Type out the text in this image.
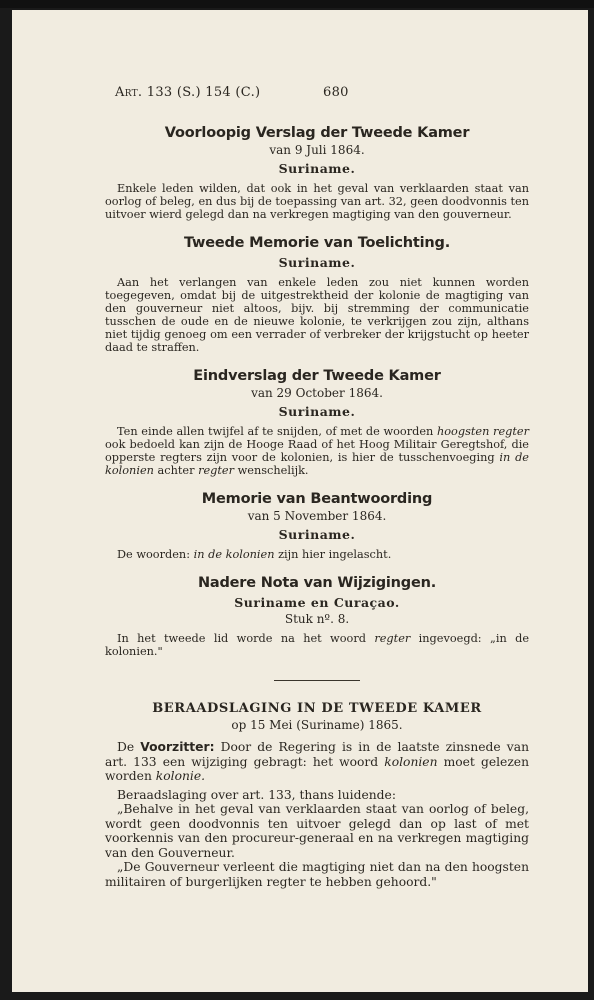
Art. 133 (S.) 154 (C.)	680

Voorloopig Verslag der Tweede Kamer

van 9 Juli 1864.

Suriname.

Enkele leden wilden, dat ook in het geval van verklaarden staat van oorlog of beleg, en dus bij de toepassing van art. 32, geen doodvonnis ten uitvoer wierd gelegd dan na verkregen magtiging van den gouverneur.

Tweede Memorie van Toelichting.

Suriname.

Aan het verlangen van enkele leden zou niet kunnen worden toegegeven, omdat bij de uitgestrektheid der kolonie de magtiging van den gouverneur niet altoos, bijv. bij stremming der communicatie tusschen de oude en de nieuwe kolonie, te verkrijgen zou zijn, althans niet tijdig genoeg om een verrader of verbreker der krijgstucht op heeter daad te straffen.

Eindverslag der Tweede Kamer

van 29 October 1864.

Suriname.

Ten einde allen twijfel af te snijden, of met de woorden hoogsten regter ook bedoeld kan zijn de Hooge Raad of het Hoog Militair Geregtshof, die opperste regters zijn voor de kolonien, is hier de tusschenvoeging in de kolonien achter regter wenschelijk.

Memorie van Beantwoording

van 5 November 1864.

Suriname.

De woorden: in de kolonien zijn hier ingelascht.

Nadere Nota van Wijzigingen.

Suriname en Curaçao.

Stuk nº. 8.

In het tweede lid worde na het woord regter ingevoegd: „in de kolonien."

BERAADSLAGING IN DE TWEEDE KAMER

op 15 Mei (Suriname) 1865.

De Voorzitter: Door de Regering is in de laatste zinsnede van art. 133 een wijziging gebragt: het woord kolonien moet gelezen worden kolonie.

Beraadslaging over art. 133, thans luidende:

„Behalve in het geval van verklaarden staat van oorlog of beleg, wordt geen doodvonnis ten uitvoer gelegd dan op last of met voorkennis van den procureur-generaal en na verkregen magtiging van den Gouverneur.

„De Gouverneur verleent die magtiging niet dan na den hoogsten militairen of burgerlijken regter te hebben gehoord."
